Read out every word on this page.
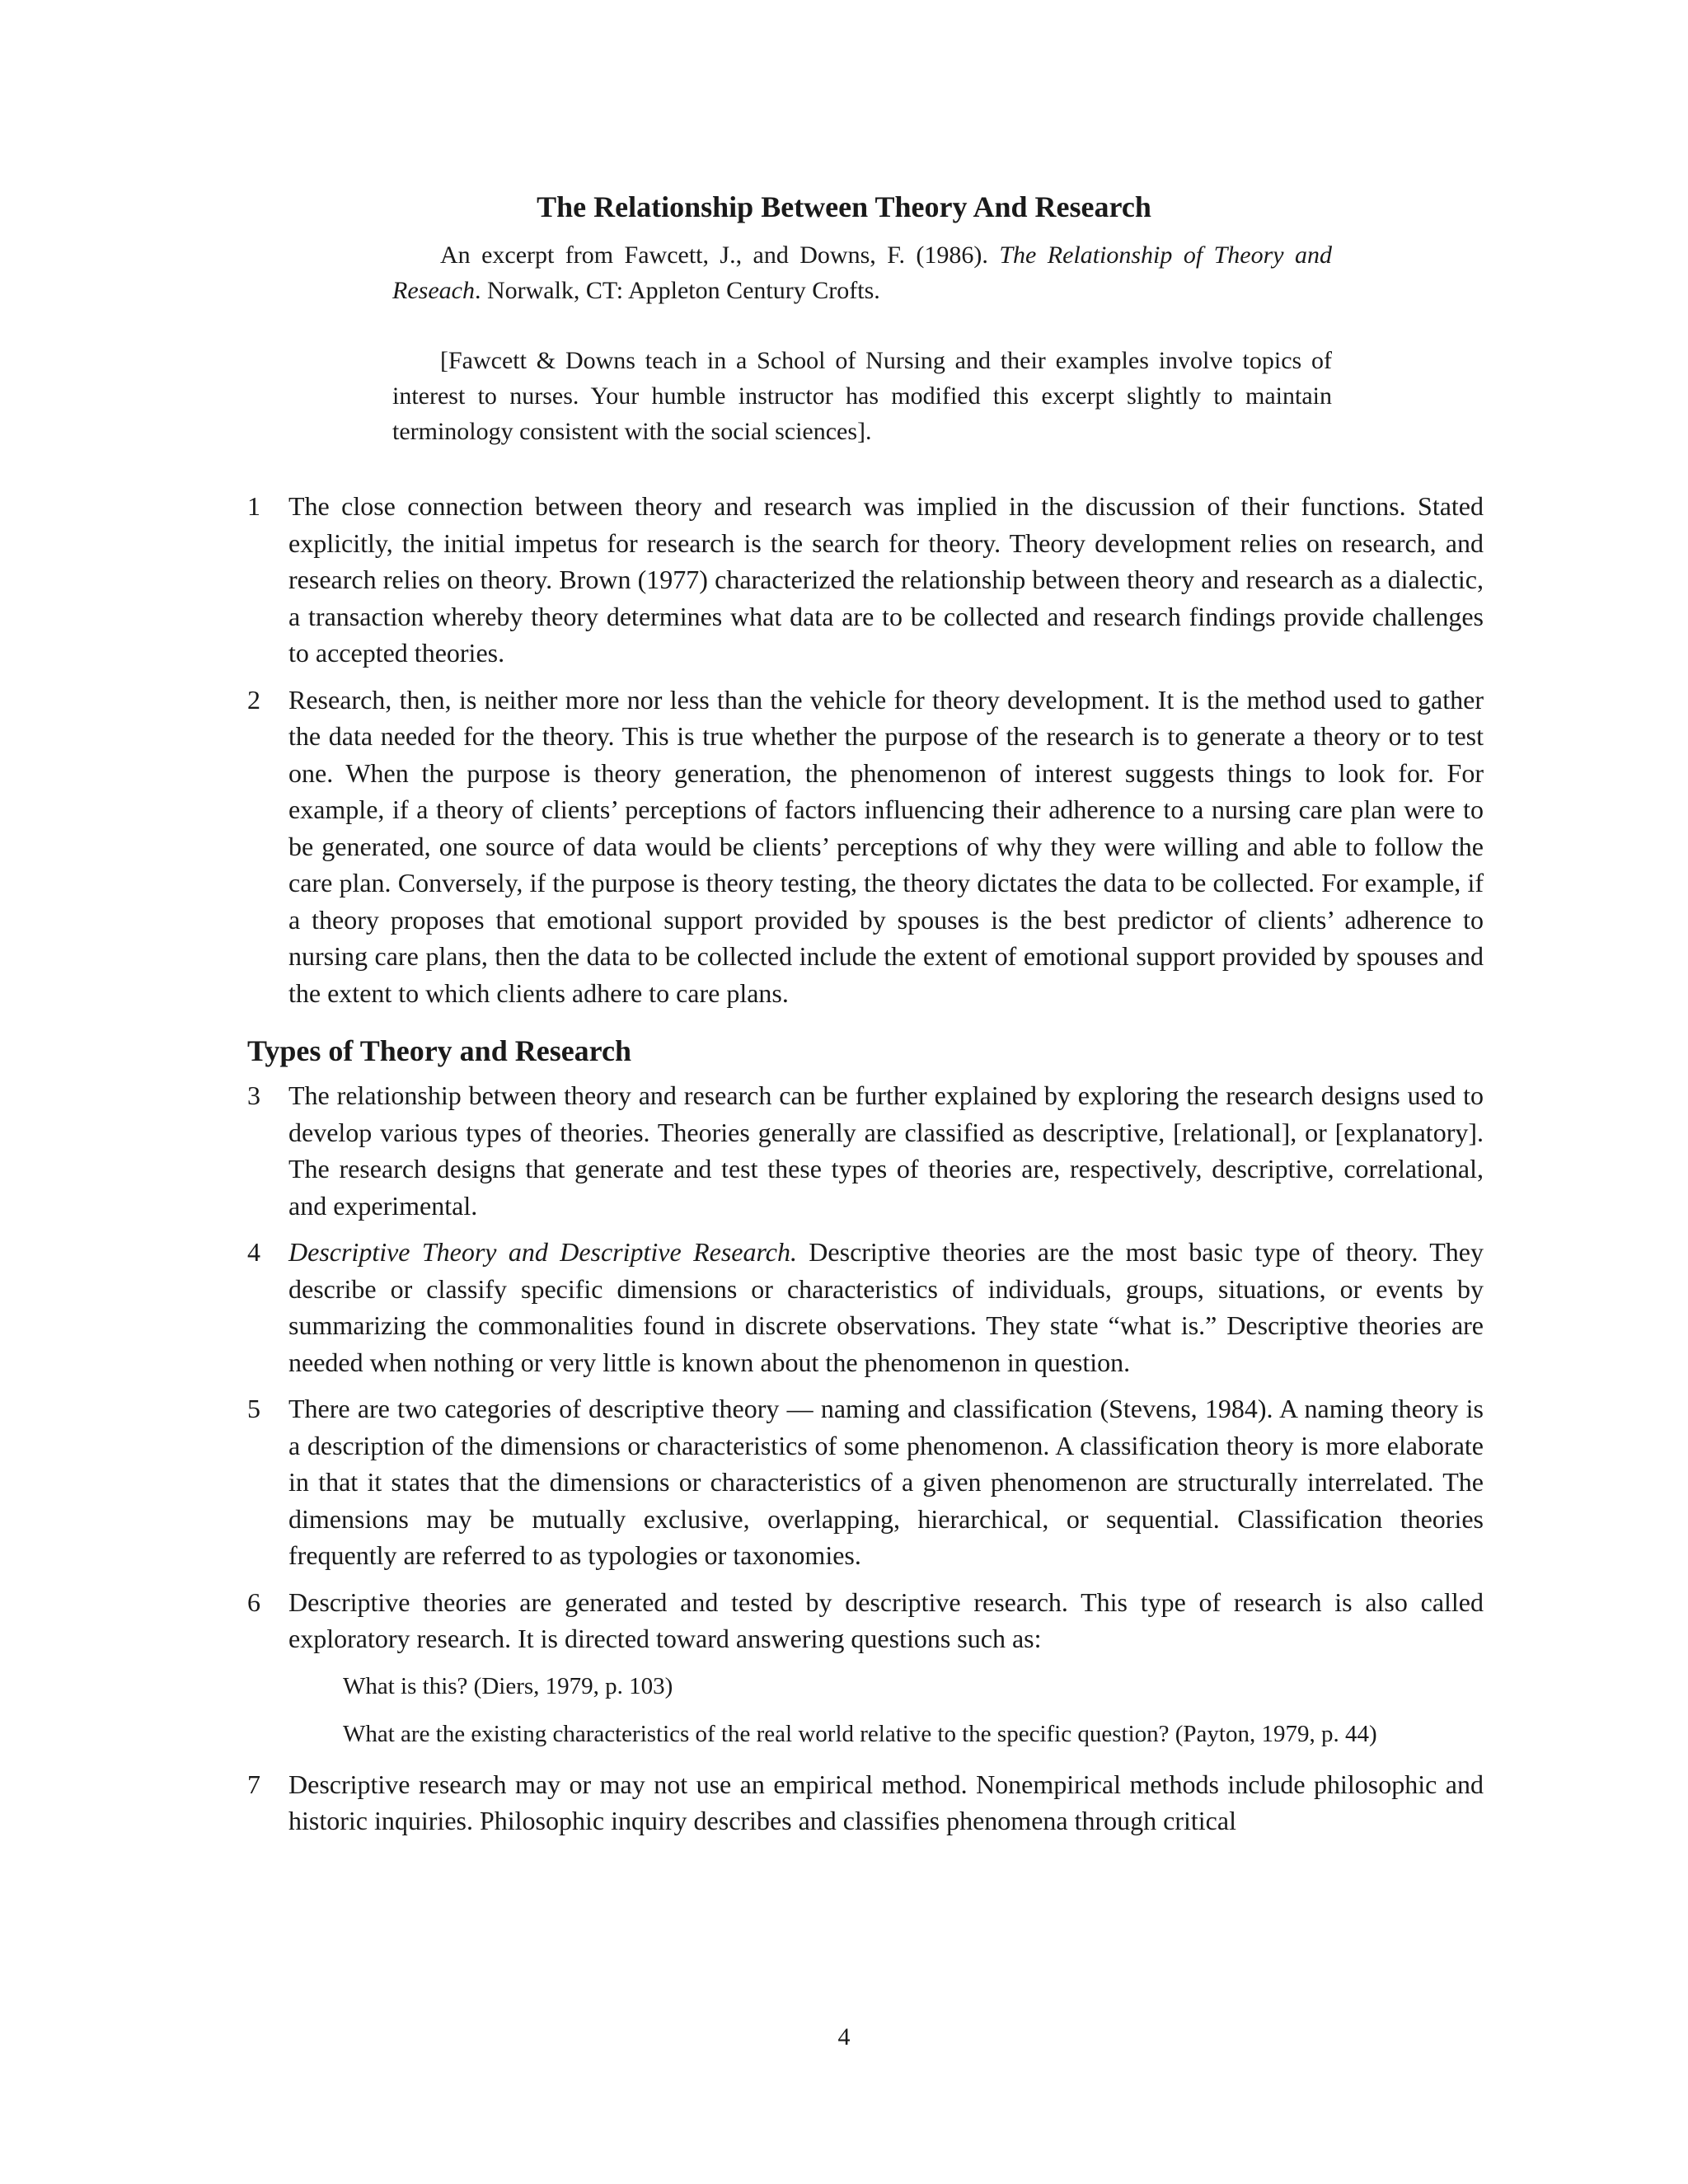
The Relationship Between Theory And Research

An excerpt from Fawcett, J., and Downs, F. (1986). The Relationship of Theory and Reseach. Norwalk, CT: Appleton Century Crofts.

[Fawcett & Downs teach in a School of Nursing and their examples involve topics of interest to nurses. Your humble instructor has modified this excerpt slightly to maintain terminology consistent with the social sciences].

1	The close connection between theory and research was implied in the discussion of their functions. Stated explicitly, the initial impetus for research is the search for theory. Theory development relies on research, and research relies on theory. Brown (1977) characterized the relationship between theory and research as a dialectic, a transaction whereby theory determines what data are to be collected and research findings provide challenges to accepted theories.

2	Research, then, is neither more nor less than the vehicle for theory development. It is the method used to gather the data needed for the theory. This is true whether the purpose of the research is to generate a theory or to test one. When the purpose is theory generation, the phenomenon of interest suggests things to look for. For example, if a theory of clients’ perceptions of factors influencing their adherence to a nursing care plan were to be generated, one source of data would be clients’ perceptions of why they were willing and able to follow the care plan. Conversely, if the purpose is theory testing, the theory dictates the data to be collected. For example, if a theory proposes that emotional support provided by spouses is the best predictor of clients’ adherence to nursing care plans, then the data to be collected include the extent of emotional support provided by spouses and the extent to which clients adhere to care plans.

Types of Theory and Research

3	The relationship between theory and research can be further explained by exploring the research designs used to develop various types of theories. Theories generally are classified as descriptive, [relational], or [explanatory]. The research designs that generate and test these types of theories are, respectively, descriptive, correlational, and experimental.

4	Descriptive Theory and Descriptive Research. Descriptive theories are the most basic type of theory. They describe or classify specific dimensions or characteristics of individuals, groups, situations, or events by summarizing the commonalities found in discrete observations. They state “what is.” Descriptive theories are needed when nothing or very little is known about the phenomenon in question.

5	There are two categories of descriptive theory — naming and classification (Stevens, 1984). A naming theory is a description of the dimensions or characteristics of some phenomenon. A classification theory is more elaborate in that it states that the dimensions or characteristics of a given phenomenon are structurally interrelated. The dimensions may be mutually exclusive, overlapping, hierarchical, or sequential. Classification theories frequently are referred to as typologies or taxonomies.

6	Descriptive theories are generated and tested by descriptive research. This type of research is also called exploratory research. It is directed toward answering questions such as:

What is this? (Diers, 1979, p. 103)

What are the existing characteristics of the real world relative to the specific question? (Payton, 1979, p. 44)

7	Descriptive research may or may not use an empirical method. Nonempirical methods include philosophic and historic inquiries. Philosophic inquiry describes and classifies phenomena through critical

4
